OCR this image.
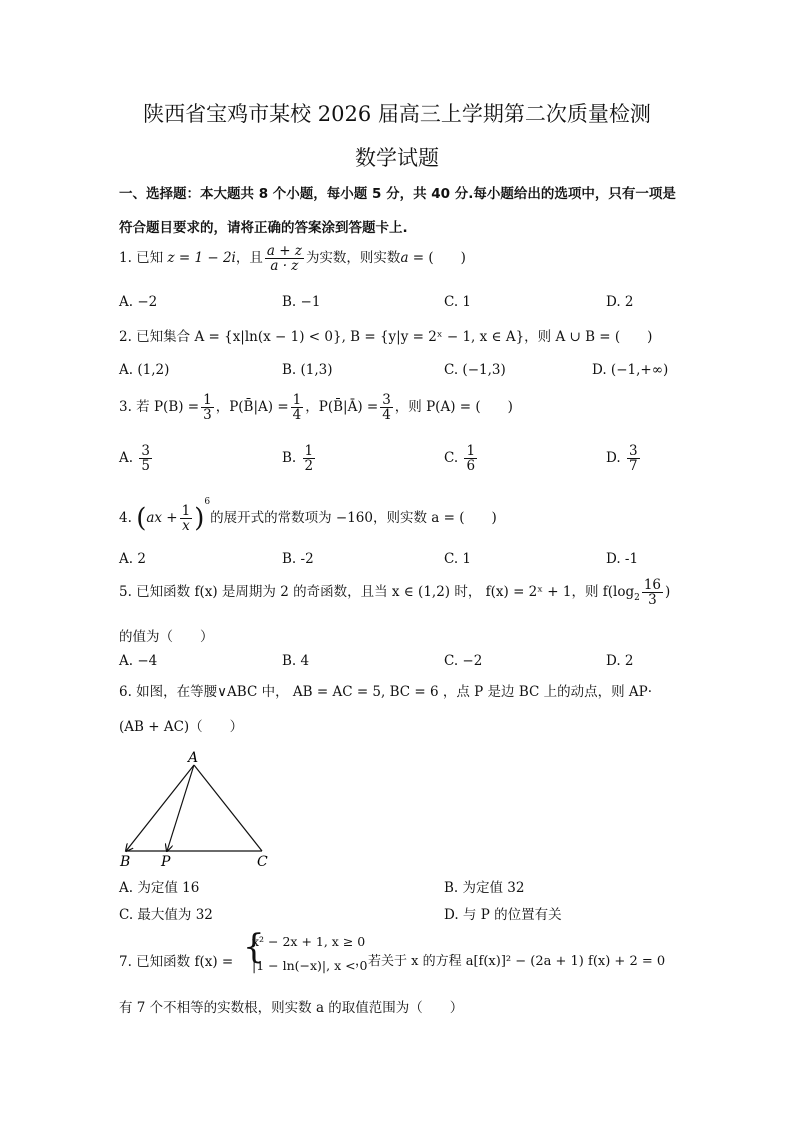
陕西省宝鸡市某校 2026 届高三上学期第二次质量检测
数学试题
一、选择题：本大题共 8 个小题，每小题 5 分，共 40 分.每小题给出的选项中，只有一项是
符合题目要求的，请将正确的答案涂到答题卡上.
1. 已知 z = 1 − 2i，且 $\frac{a + z}{a \cdot z}$ 为实数，则实数a = (　　)
A. −2	B. −1	C. 1	D. 2
2. 已知集合 A = {x|ln(x − 1) < 0}, B = {y|y = 2ˣ − 1, x ∈ A}，则 A ∪ B = (　　)
A. (1,2)	B. (1,3)	C. (−1,3)	D. (−1,+∞)
3. 若 $P(B) = \frac{1}{3}$ ，P(B̄|A) = $\frac{1}{4}$ ，P(B̄|Ā) = $\frac{3}{4}$ ，则 P(A) = (　　)
A. $\frac{3}{5}$	B. $\frac{1}{2}$	C. $\frac{1}{6}$	D. $\frac{3}{7}$
4. $(ax + \frac{1}{x} )^6$的展开式的常数项为 −160，则实数 a = (　　)
A. 2	B. -2	C. 1	D. -1
5. 已知函数 f(x) 是周期为 2 的奇函数，且当 x ∈ (1,2) 时， f(x) = 2ˣ + 1，则 $f(\log_2 \frac{16}{3}$ )
的值为（　　）
A. −4	B. 4	C. −2	D. 2
6. 如图，在等腰∨ABC 中， AB = AC = 5, BC = 6 ，点 P 是边 BC 上的动点，则 AP·
(AB + AC)（　　）
A
B P	C
A. 为定值 16	B. 为定值 32
C. 最大值为 32	D. 与 P 的位置有关
7. 已知函数 f(x) = {
x² − 2x + 1, x ≥ 0
|1 − ln(−x)|, x < 0
，若关于 x 的方程 a[f(x)]² − (2a + 1) f(x) + 2 = 0
有 7 个不相等的实数根，则实数 a 的取值范围为（　　）
